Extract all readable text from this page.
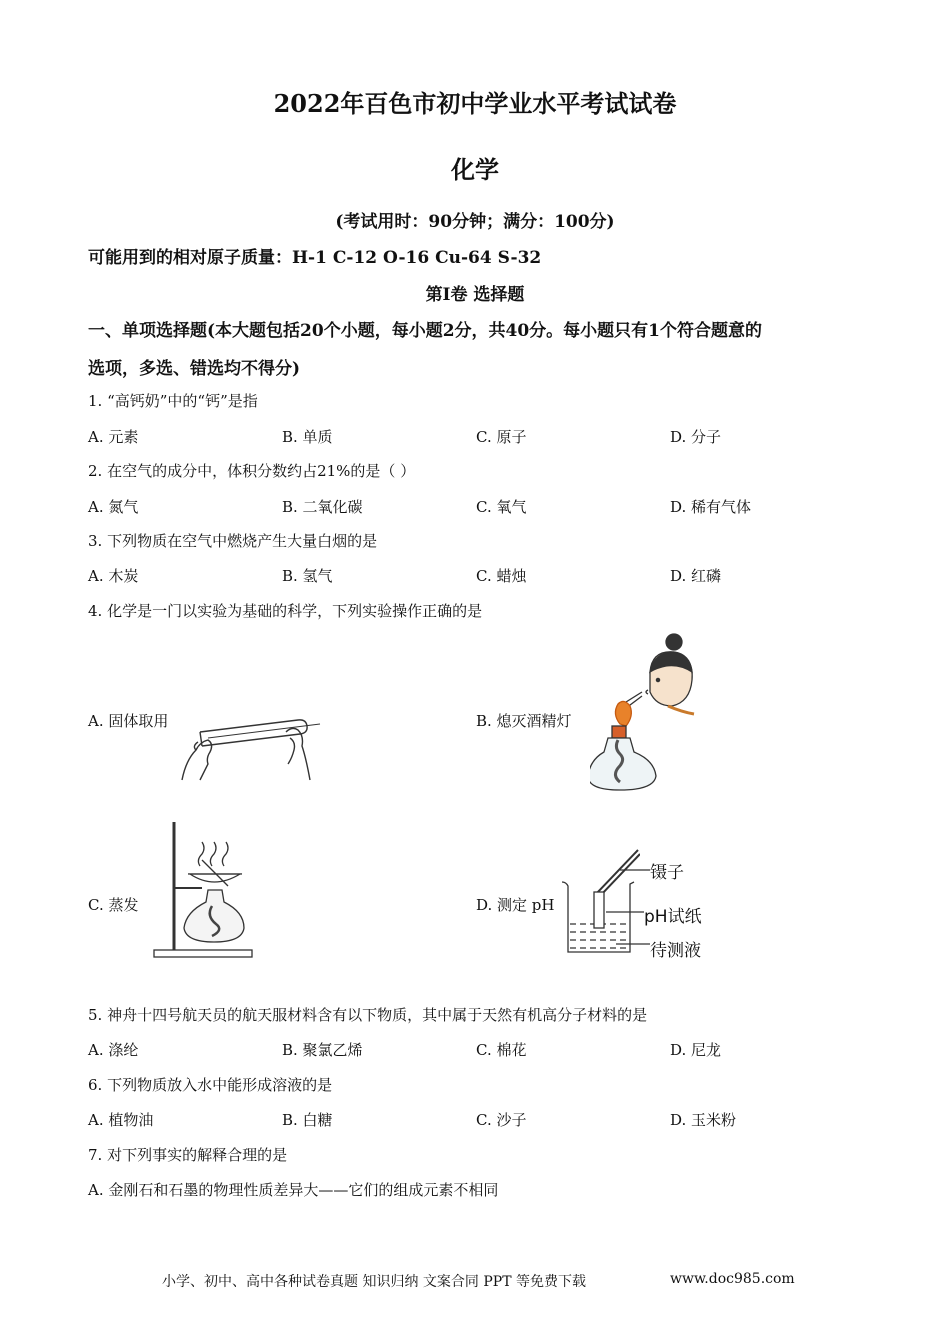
2022年百色市初中学业水平考试试卷
化学
(考试用时：90分钟；满分：100分)
可能用到的相对原子质量：H-1 C-12 O-16 Cu-64 S-32
第Ⅰ卷 选择题
一、单项选择题(本大题包括20个小题，每小题2分，共40分。每小题只有1个符合题意的
选项，多选、错选均不得分)
1. “高钙奶”中的“钙”是指
A. 元素	B. 单质	C. 原子	D. 分子
2. 在空气的成分中，体积分数约占21%的是（ ）
A. 氮气	B. 二氧化碳	C. 氧气	D. 稀有气体
3. 下列物质在空气中燃烧产生大量白烟的是
A. 木炭	B. 氢气	C. 蜡烛	D. 红磷
4. 化学是一门以实验为基础的科学，下列实验操作正确的是
A. 固体取用	B. 熄灭酒精灯
C. 蒸发	D. 测定 pH
镊子
pH试纸
待测液
5. 神舟十四号航天员的航天服材料含有以下物质，其中属于天然有机高分子材料的是
A. 涤纶	B. 聚氯乙烯	C. 棉花	D. 尼龙
6. 下列物质放入水中能形成溶液的是
A. 植物油	B. 白糖	C. 沙子	D. 玉米粉
7. 对下列事实的解释合理的是
A. 金刚石和石墨的物理性质差异大——它们的组成元素不相同
小学、初中、高中各种试卷真题 知识归纳 文案合同 PPT 等免费下载	www.doc985.com
